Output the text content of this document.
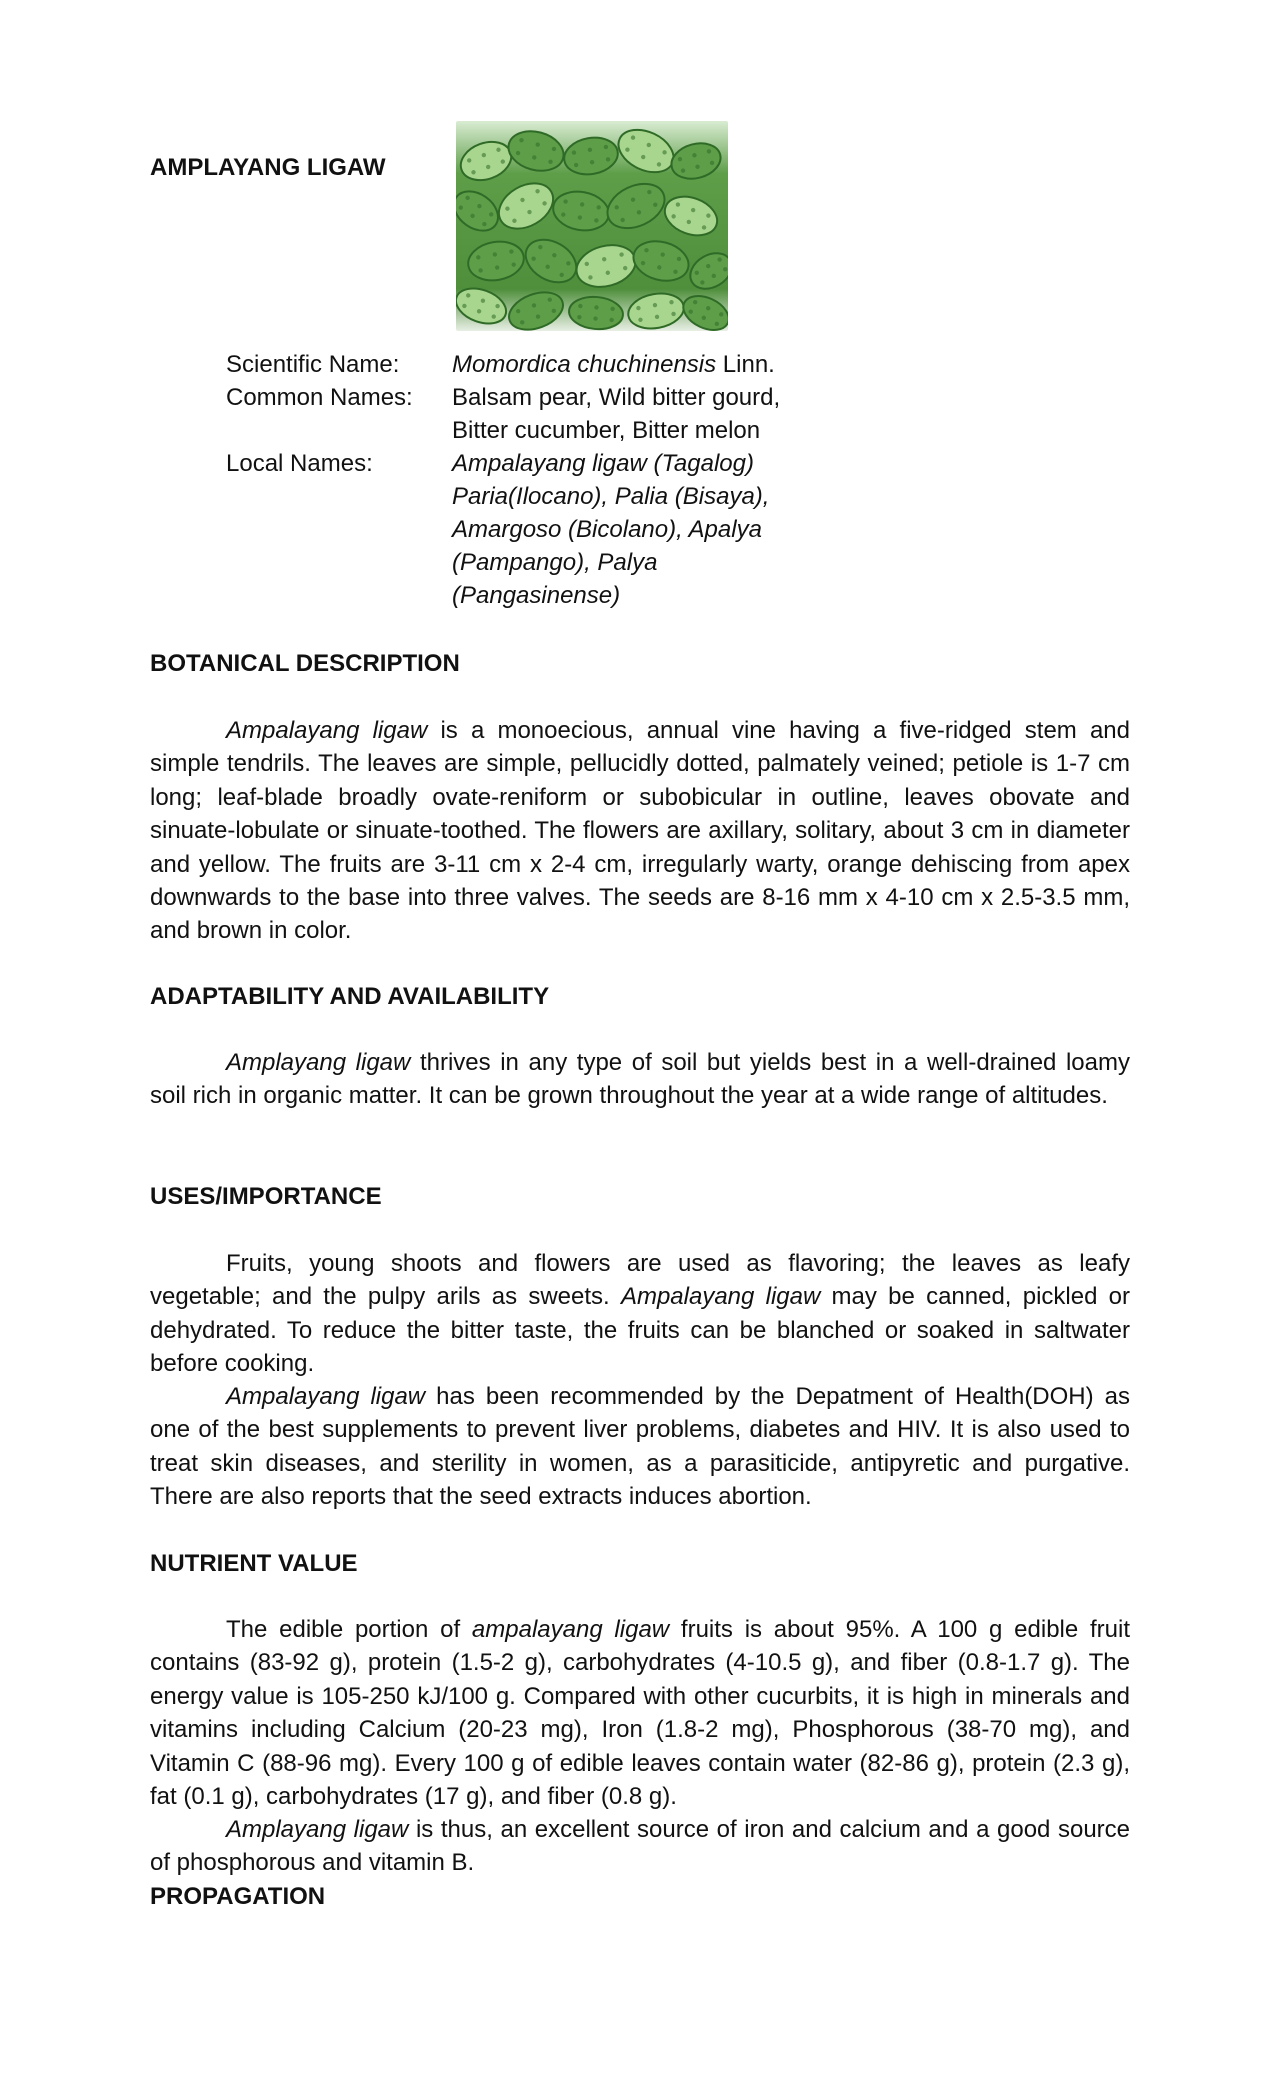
AMPLAYANG LIGAW
Scientific Name:	Momordica chuchinensis Linn.
Common Names:	Balsam pear, Wild bitter gourd, Bitter cucumber, Bitter melon
Local Names:	Ampalayang ligaw (Tagalog) Paria(Ilocano), Palia (Bisaya), Amargoso (Bicolano), Apalya (Pampango), Palya (Pangasinense)
BOTANICAL DESCRIPTION

Ampalayang ligaw is a monoecious, annual vine having a five-ridged stem and simple tendrils. The leaves are simple, pellucidly dotted, palmately veined; petiole is 1-7 cm long; leaf-blade broadly ovate-reniform or subobicular in outline, leaves obovate and sinuate-lobulate or sinuate-toothed. The flowers are axillary, solitary, about 3 cm in diameter and yellow. The fruits are 3-11 cm x 2-4 cm, irregularly warty, orange dehiscing from apex downwards to the base into three valves. The seeds are 8-16 mm x 4-10 cm x 2.5-3.5 mm, and brown in color.

ADAPTABILITY AND AVAILABILITY

Amplayang ligaw thrives in any type of soil but yields best in a well-drained loamy soil rich in organic matter. It can be grown throughout the year at a wide range of altitudes.

USES/IMPORTANCE

Fruits, young shoots and flowers are used as flavoring; the leaves as leafy vegetable; and the pulpy arils as sweets. Ampalayang ligaw may be canned, pickled or dehydrated. To reduce the bitter taste, the fruits can be blanched or soaked in saltwater before cooking.

Ampalayang ligaw has been recommended by the Depatment of Health(DOH) as one of the best supplements to prevent liver problems, diabetes and HIV. It is also used to treat skin diseases, and sterility in women, as a parasiticide, antipyretic and purgative. There are also reports that the seed extracts induces abortion.

NUTRIENT VALUE

The edible portion of ampalayang ligaw fruits is about 95%. A 100 g edible fruit contains (83-92 g), protein (1.5-2 g), carbohydrates (4-10.5 g), and fiber (0.8-1.7 g). The energy value is 105-250 kJ/100 g. Compared with other cucurbits, it is high in minerals and vitamins including Calcium (20-23 mg), Iron (1.8-2 mg), Phosphorous (38-70 mg), and Vitamin C (88-96 mg). Every 100 g of edible leaves contain water (82-86 g), protein (2.3 g), fat (0.1 g), carbohydrates (17 g), and fiber (0.8 g).

Amplayang ligaw is thus, an excellent source of iron and calcium and a good source of phosphorous and vitamin B.

PROPAGATION
